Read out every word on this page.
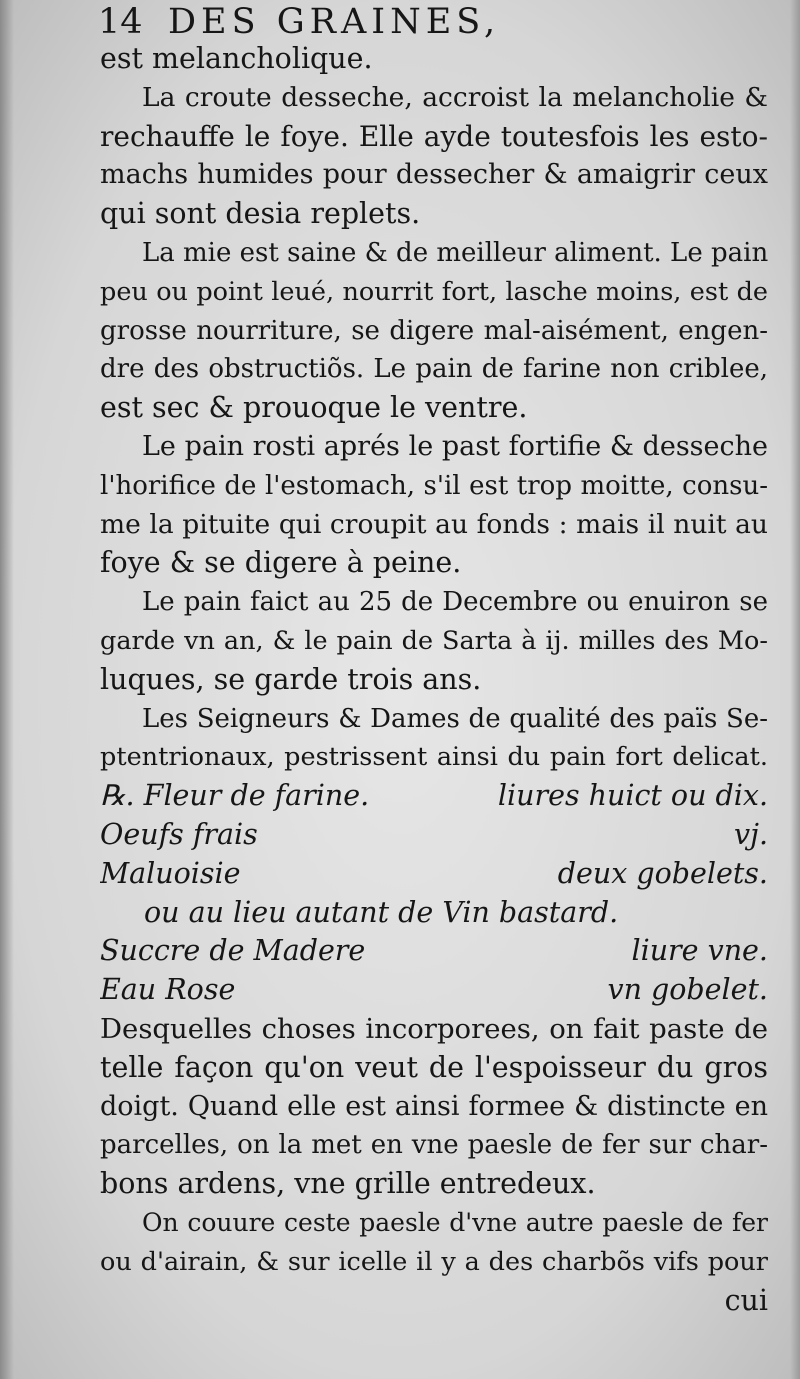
14 DES GRAINES,
est melancholique.
La croute desseche, accroist la melancholie &
rechauffe le foye. Elle ayde toutesfois les esto-
machs humides pour dessecher & amaigrir ceux
qui sont desia replets.
La mie est saine & de meilleur aliment. Le pain
peu ou point leué, nourrit fort, lasche moins, est de
grosse nourriture, se digere mal-aisément, engen-
dre des obstructiõs. Le pain de farine non criblee,
est sec & prouoque le ventre.
Le pain rosti aprés le past fortifie & desseche
l'horifice de l'estomach, s'il est trop moitte, consu-
me la pituite qui croupit au fonds : mais il nuit au
foye & se digere à peine.
Le pain faict au 25 de Decembre ou enuiron se
garde vn an, & le pain de Sarta à ij. milles des Mo-
luques, se garde trois ans.
Les Seigneurs & Dames de qualité des païs Se-
ptentrionaux, pestrissent ainsi du pain fort delicat.
℞. Fleur de farine.	liures huict ou dix.
Oeufs frais	vj.
Maluoisie	deux gobelets.
ou au lieu autant de Vin bastard.
Succre de Madere	liure vne.
Eau Rose	vn gobelet.
Desquelles choses incorporees, on fait paste de
telle façon qu'on veut de l'espoisseur du gros
doigt. Quand elle est ainsi formee & distincte en
parcelles, on la met en vne paesle de fer sur char-
bons ardens, vne grille entredeux.
On couure ceste paesle d'vne autre paesle de fer
ou d'airain, & sur icelle il y a des charbõs vifs pour
cui
